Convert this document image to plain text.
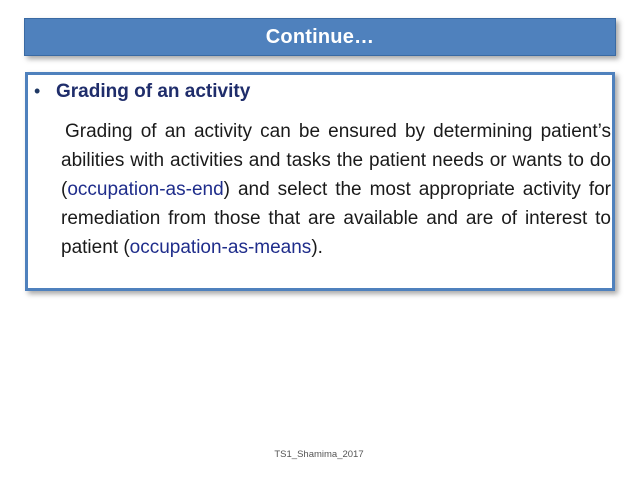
Continue…
• Grading of an activity
Grading of an activity can be ensured by determining patient’s abilities with activities and tasks the patient needs or wants to do (occupation-as-end) and select the most appropriate activity for remediation from those that are available and are of interest to patient (occupation-as-means).
TS1_Shamima_2017
